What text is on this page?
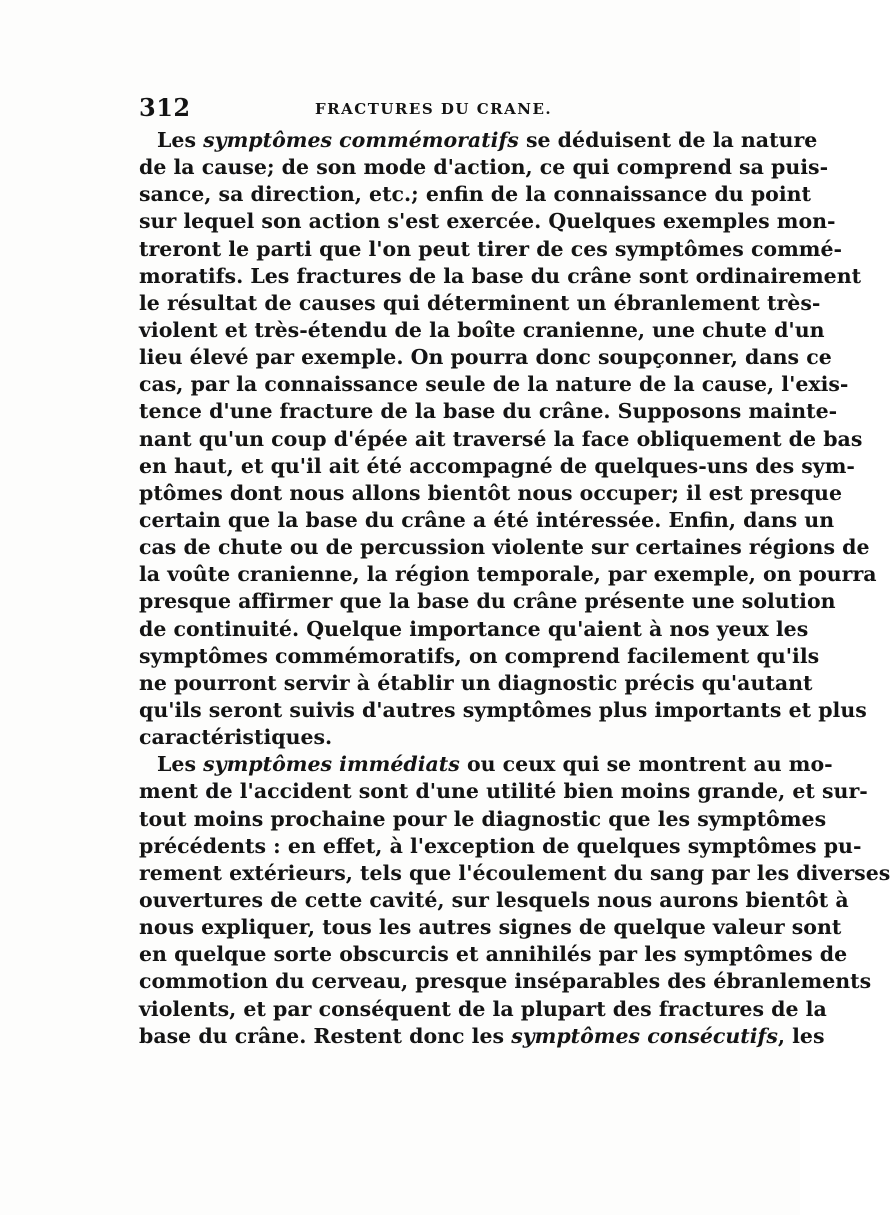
312	FRACTURES DU CRANE.
Les symptômes commémoratifs se déduisent de la nature
de la cause; de son mode d'action, ce qui comprend sa puis-
sance, sa direction, etc.; enfin de la connaissance du point
sur lequel son action s'est exercée. Quelques exemples mon-
treront le parti que l'on peut tirer de ces symptômes commé-
moratifs. Les fractures de la base du crâne sont ordinairement
le résultat de causes qui déterminent un ébranlement très-
violent et très-étendu de la boîte cranienne, une chute d'un
lieu élevé par exemple. On pourra donc soupçonner, dans ce
cas, par la connaissance seule de la nature de la cause, l'exis-
tence d'une fracture de la base du crâne. Supposons mainte-
nant qu'un coup d'épée ait traversé la face obliquement de bas
en haut, et qu'il ait été accompagné de quelques-uns des sym-
ptômes dont nous allons bientôt nous occuper; il est presque
certain que la base du crâne a été intéressée. Enfin, dans un
cas de chute ou de percussion violente sur certaines régions de
la voûte cranienne, la région temporale, par exemple, on pourra
presque affirmer que la base du crâne présente une solution
de continuité. Quelque importance qu'aient à nos yeux les
symptômes commémoratifs, on comprend facilement qu'ils
ne pourront servir à établir un diagnostic précis qu'autant
qu'ils seront suivis d'autres symptômes plus importants et plus
caractéristiques.
Les symptômes immédiats ou ceux qui se montrent au mo-
ment de l'accident sont d'une utilité bien moins grande, et sur-
tout moins prochaine pour le diagnostic que les symptômes
précédents : en effet, à l'exception de quelques symptômes pu-
rement extérieurs, tels que l'écoulement du sang par les diverses
ouvertures de cette cavité, sur lesquels nous aurons bientôt à
nous expliquer, tous les autres signes de quelque valeur sont
en quelque sorte obscurcis et annihilés par les symptômes de
commotion du cerveau, presque inséparables des ébranlements
violents, et par conséquent de la plupart des fractures de la
base du crâne. Restent donc les symptômes consécutifs, les
